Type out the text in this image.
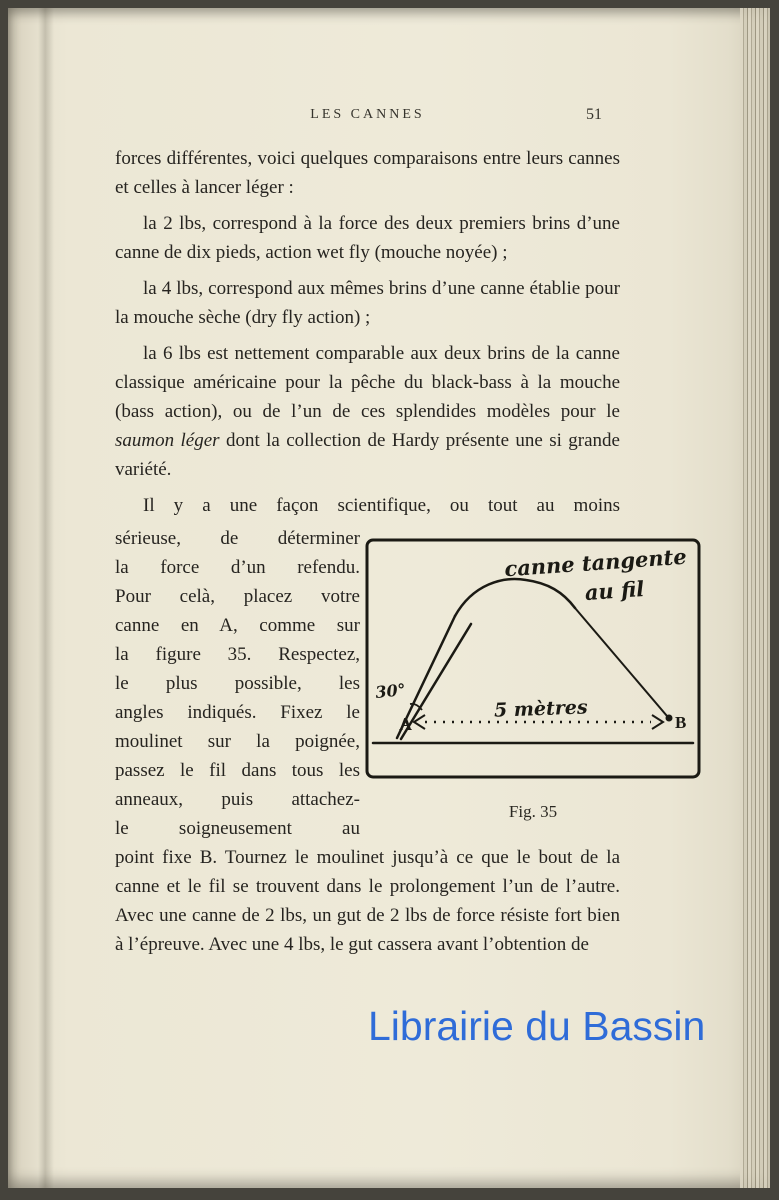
LES CANNES	51

forces différentes, voici quelques comparaisons entre leurs cannes et celles à lancer léger :

la 2 lbs, correspond à la force des deux premiers brins d’une canne de dix pieds, action wet fly (mouche noyée) ;

la 4 lbs, correspond aux mêmes brins d’une canne établie pour la mouche sèche (dry fly action) ;

la 6 lbs est nettement comparable aux deux brins de la canne classique américaine pour la pêche du black-bass à la mouche (bass action), ou de l’un de ces splendides modèles pour le saumon léger dont la collection de Hardy présente une si grande variété.

Il y a une façon scientifique, ou tout au moins
sérieuse, de déterminer
la force d’un refendu.
Pour celà, placez votre
canne en A, comme sur
la figure 35. Respectez,
le plus possible, les
angles indiqués. Fixez le
moulinet sur la poignée,
passez le fil dans tous les
anneaux, puis attachez-
le soigneusement au
canne tangente
au fil
30°
A	B
5 mètres
Fig. 35

point fixe B. Tournez le moulinet jusqu’à ce que le bout de la canne et le fil se trouvent dans le prolongement l’un de l’autre. Avec une canne de 2 lbs, un gut de 2 lbs de force résiste fort bien à l’épreuve. Avec une 4 lbs, le gut cassera avant l’obtention de

Librairie du Bassin
